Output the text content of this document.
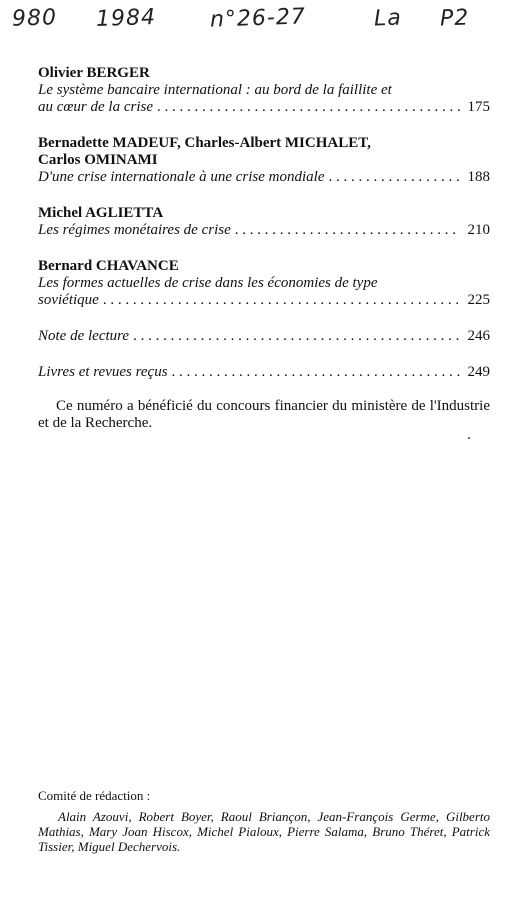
980 1984 n°26-27	La P2
Olivier BERGER
Le système bancaire international : au bord de la faillite et
au cœur de la crise . . .	175
Bernadette MADEUF, Charles-Albert MICHALET,
Carlos OMINAMI
D'une crise internationale à une crise mondiale . . .	188
Michel AGLIETTA
Les régimes monétaires de crise . . .	210
Bernard CHAVANCE
Les formes actuelles de crise dans les économies de type
soviétique . . .	225
Note de lecture . . .	246
Livres et revues reçus . . .	249
Ce numéro a bénéficié du concours financier du ministère de l'Industrie et de la Recherche.
Comité de rédaction :
Alain Azouvi, Robert Boyer, Raoul Briançon, Jean-François Germe, Gilberto Mathias, Mary Joan Hiscox, Michel Pialoux, Pierre Salama, Bruno Théret, Patrick Tissier, Miguel Dechervois.
